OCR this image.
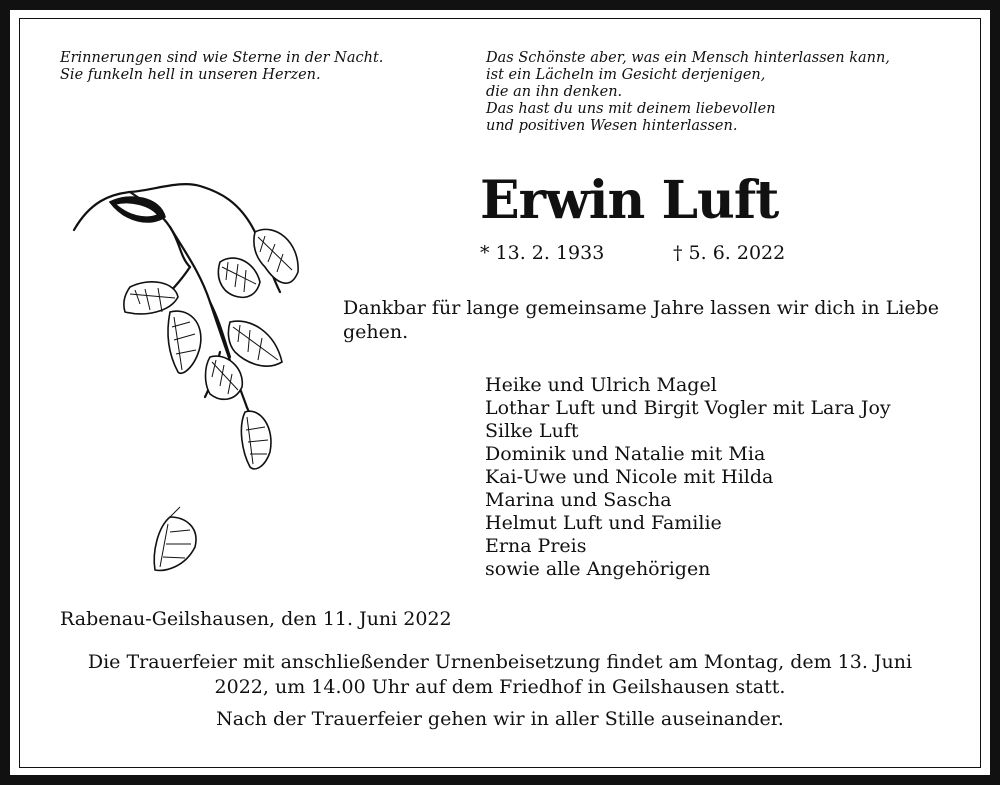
Erinnerungen sind wie Sterne in der Nacht.
Sie funkeln hell in unseren Herzen.
Das Schönste aber, was ein Mensch hinterlassen kann,
ist ein Lächeln im Gesicht derjenigen,
die an ihn denken.
Das hast du uns mit deinem liebevollen
und positiven Wesen hinterlassen.
Erwin Luft
* 13. 2. 1933	† 5. 6. 2022
Dankbar für lange gemeinsame Jahre lassen wir dich in Liebe gehen.
Heike und Ulrich Magel
Lothar Luft und Birgit Vogler mit Lara Joy
Silke Luft
Dominik und Natalie mit Mia
Kai-Uwe und Nicole mit Hilda
Marina und Sascha
Helmut Luft und Familie
Erna Preis
sowie alle Angehörigen
Rabenau-Geilshausen, den 11. Juni 2022
Die Trauerfeier mit anschließender Urnenbeisetzung findet am Montag, dem 13. Juni 2022, um 14.00 Uhr auf dem Friedhof in Geilshausen statt.
Nach der Trauerfeier gehen wir in aller Stille auseinander.
